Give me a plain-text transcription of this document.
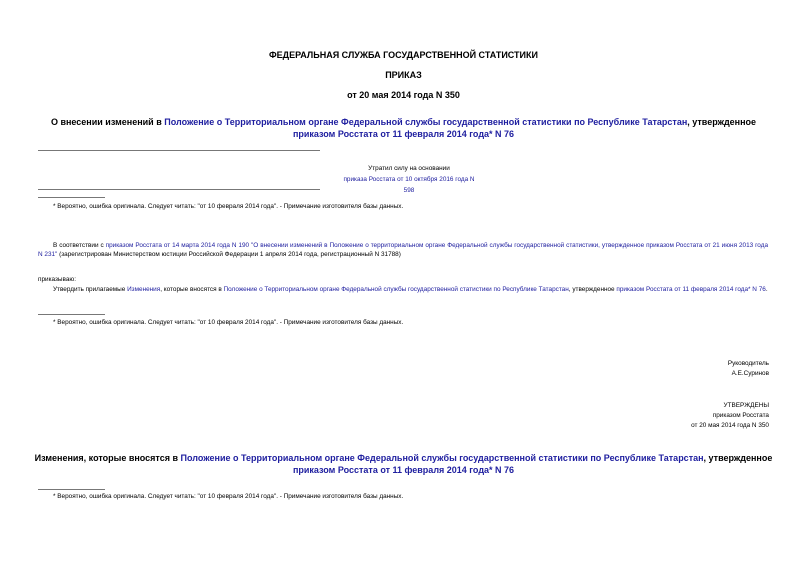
ФЕДЕРАЛЬНАЯ СЛУЖБА ГОСУДАРСТВЕННОЙ СТАТИСТИКИ
ПРИКАЗ
от 20 мая 2014 года N 350
О внесении изменений в Положение о Территориальном органе Федеральной службы государственной статистики по Республике Татарстан, утвержденное
приказом Росстата от 11 февраля 2014 года* N 76
Утратил силу на основании
приказа Росстата от 10 октября 2016 года N 598
* Вероятно, ошибка оригинала. Следует читать: "от 10 февраля 2014 года". - Примечание изготовителя базы данных.
В соответствии с приказом Росстата от 14 марта 2014 года N 190 "О внесении изменений в Положение о территориальном органе Федеральной службы государственной статистики, утвержденное приказом Росстата от 21 июня 2013 года N 231" (зарегистрирован Министерством юстиции Российской Федерации 1 апреля 2014 года, регистрационный N 31788)
приказываю:
Утвердить прилагаемые Изменения, которые вносятся в Положение о Территориальном органе Федеральной службы государственной статистики по Республике Татарстан, утвержденное приказом Росстата от 11 февраля 2014 года* N 76.
* Вероятно, ошибка оригинала. Следует читать: "от 10 февраля 2014 года". - Примечание изготовителя базы данных.
Руководитель
А.Е.Суринов
УТВЕРЖДЕНЫ
приказом Росстата
от 20 мая 2014 года N 350
Изменения, которые вносятся в Положение о Территориальном органе Федеральной службы государственной статистики по Республике Татарстан, утвержденное
приказом Росстата от 11 февраля 2014 года* N 76
* Вероятно, ошибка оригинала. Следует читать: "от 10 февраля 2014 года". - Примечание изготовителя базы данных.
